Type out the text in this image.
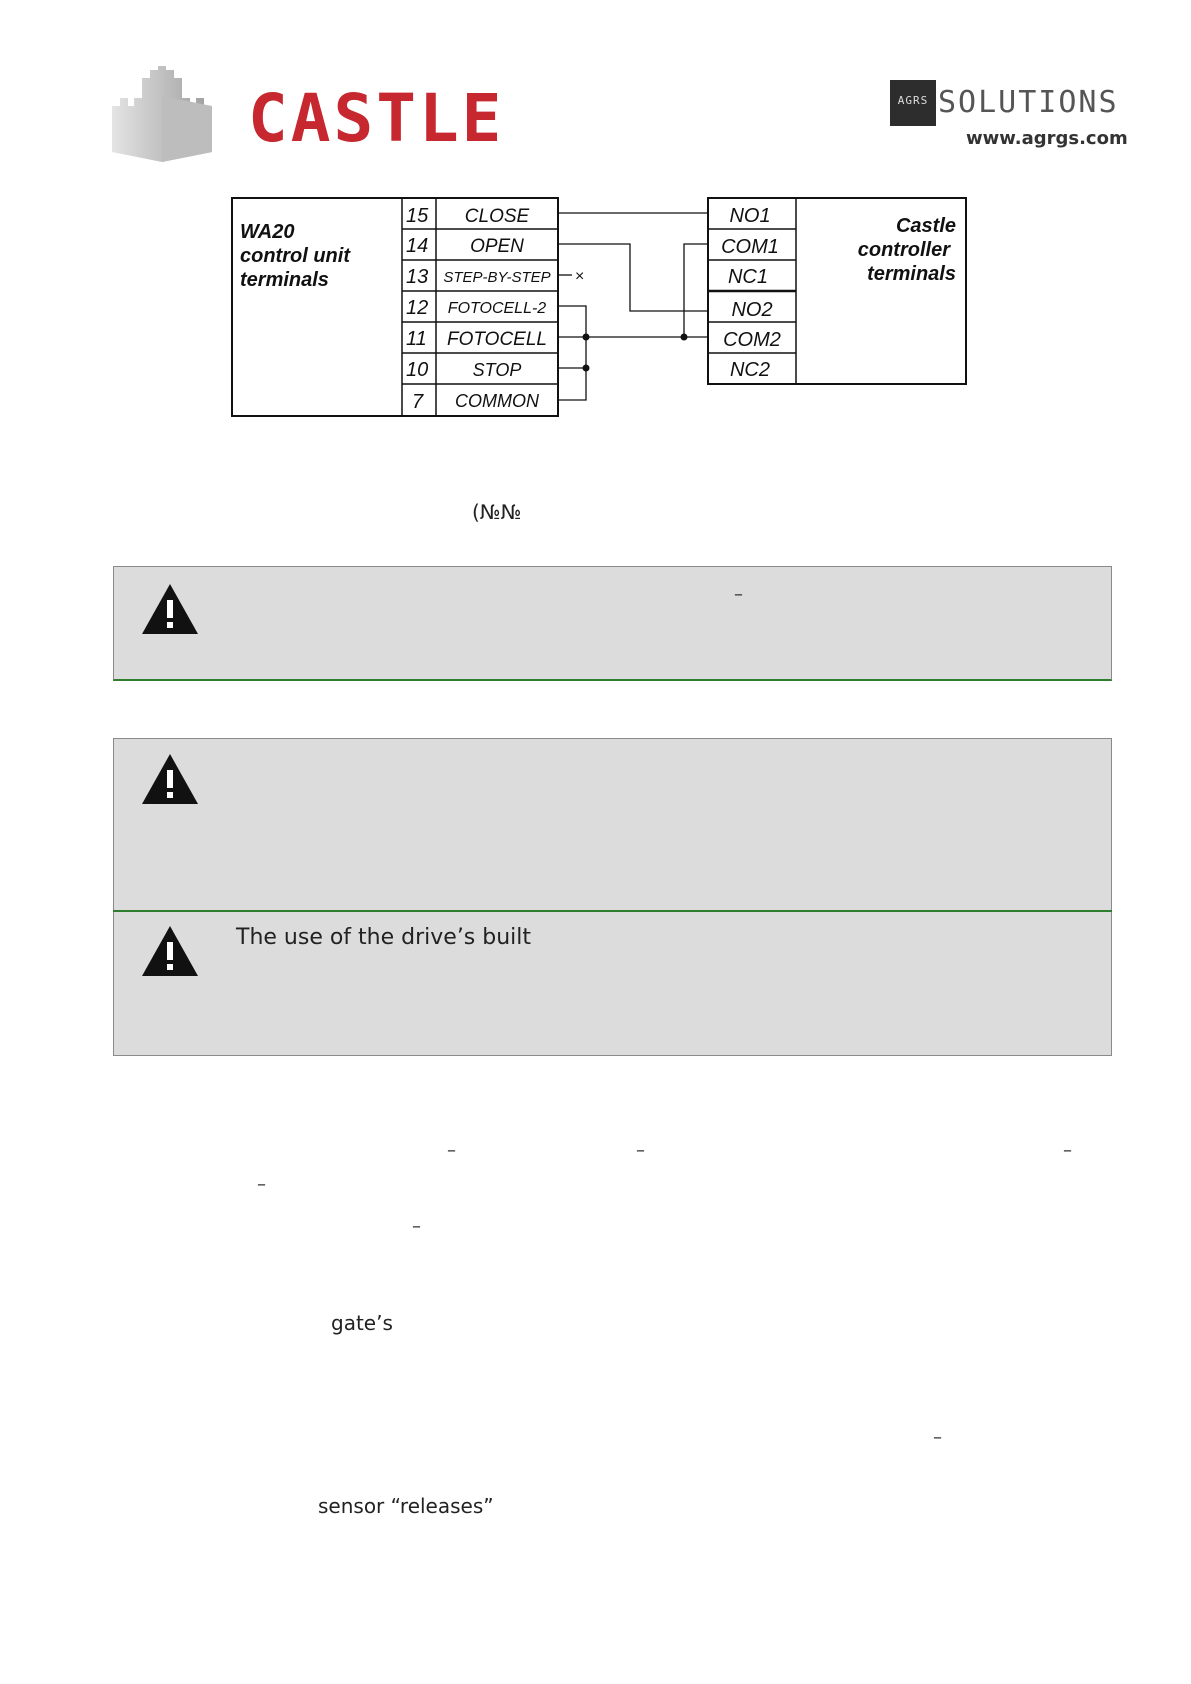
CASTLE	AGRS SOLUTIONS
www.agrgs.com
WA20
control unit
terminals
15 CLOSE
14 OPEN
13 STEP-BY-STEP
12 FOTOCELL-2
11 FOTOCELL
10 STOP
7 COMMON
NO1
COM1
NC1
NO2
COM2
NC2
Castle
controller
terminals
×
(№№
–
The use of the drive’s built
–	–	–
–
–
gate’s
–
sensor “releases”
